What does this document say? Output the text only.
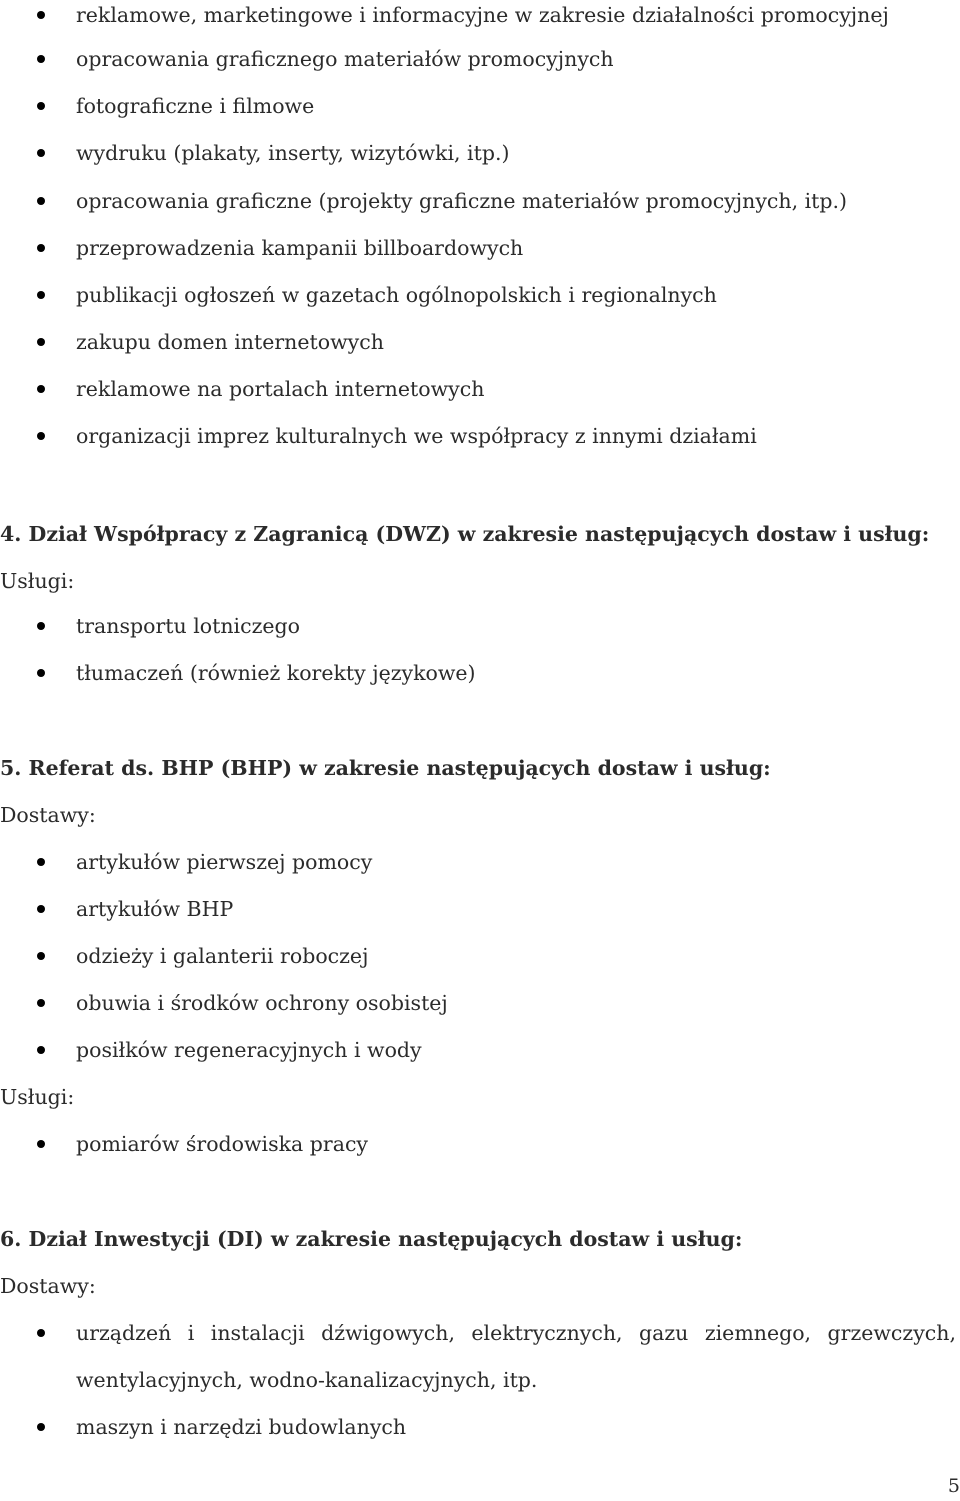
reklamowe, marketingowe i informacyjne w zakresie działalności promocyjnej
opracowania graficznego materiałów promocyjnych
fotograficzne i filmowe
wydruku (plakaty, inserty, wizytówki, itp.)
opracowania graficzne (projekty graficzne materiałów promocyjnych, itp.)
przeprowadzenia kampanii billboardowych
publikacji ogłoszeń w gazetach ogólnopolskich i regionalnych
zakupu domen internetowych
reklamowe na portalach internetowych
organizacji imprez kulturalnych we współpracy z innymi działami
4. Dział Współpracy z Zagranicą (DWZ) w zakresie następujących dostaw i usług:
Usługi:
transportu lotniczego
tłumaczeń (również korekty językowe)
5. Referat ds. BHP (BHP) w zakresie następujących dostaw i usług:
Dostawy:
artykułów pierwszej pomocy
artykułów BHP
odzieży i galanterii roboczej
obuwia i środków ochrony osobistej
posiłków regeneracyjnych i wody
Usługi:
pomiarów środowiska pracy
6. Dział Inwestycji (DI) w zakresie następujących dostaw i usług:
Dostawy:
urządzeń i instalacji dźwigowych, elektrycznych, gazu ziemnego, grzewczych,
wentylacyjnych, wodno-kanalizacyjnych, itp.
maszyn i narzędzi budowlanych
5
